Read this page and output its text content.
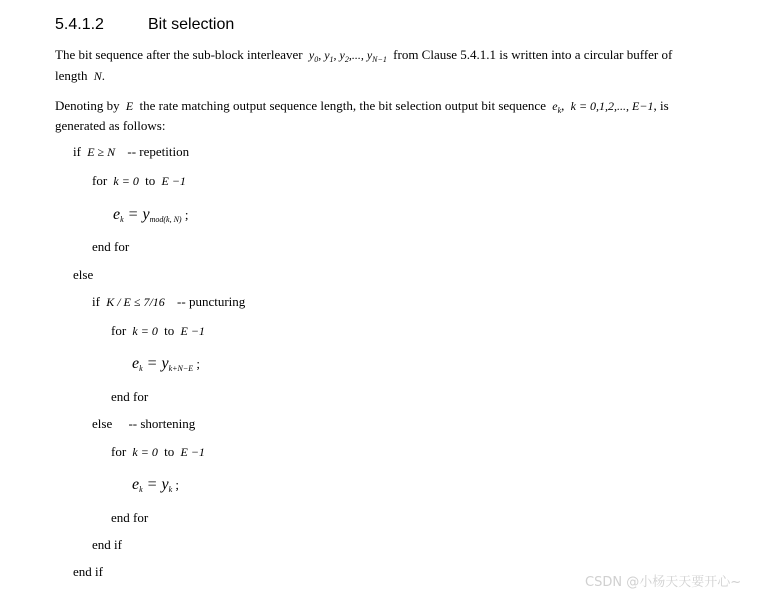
5.4.1.2	Bit selection
The bit sequence after the sub-block interleaver  $y_0$, $y_1$, $y_2$,..., $y_{N-1}$ from Clause 5.4.1.1 is written into a circular buffer of
length  N.
Denoting by  E  the rate matching output sequence length, the bit selection output bit sequence  $e_k$,  k = 0,1,2,..., E−1, is
generated as follows:
if  E ≥ N    -- repetition
for  k = 0  to  E −1
$e_k = y_{mod(k, N)}$ ;
end for
else
if  K / E ≤ 7/16    -- puncturing
for  k = 0  to  E −1
$e_k = y_{k+N-E}$ ;
end for
else -- shortening
for  k = 0  to  E −1
$e_k = y_k$ ;
end for
end if
end if
CSDN @小杨天天要开心~
